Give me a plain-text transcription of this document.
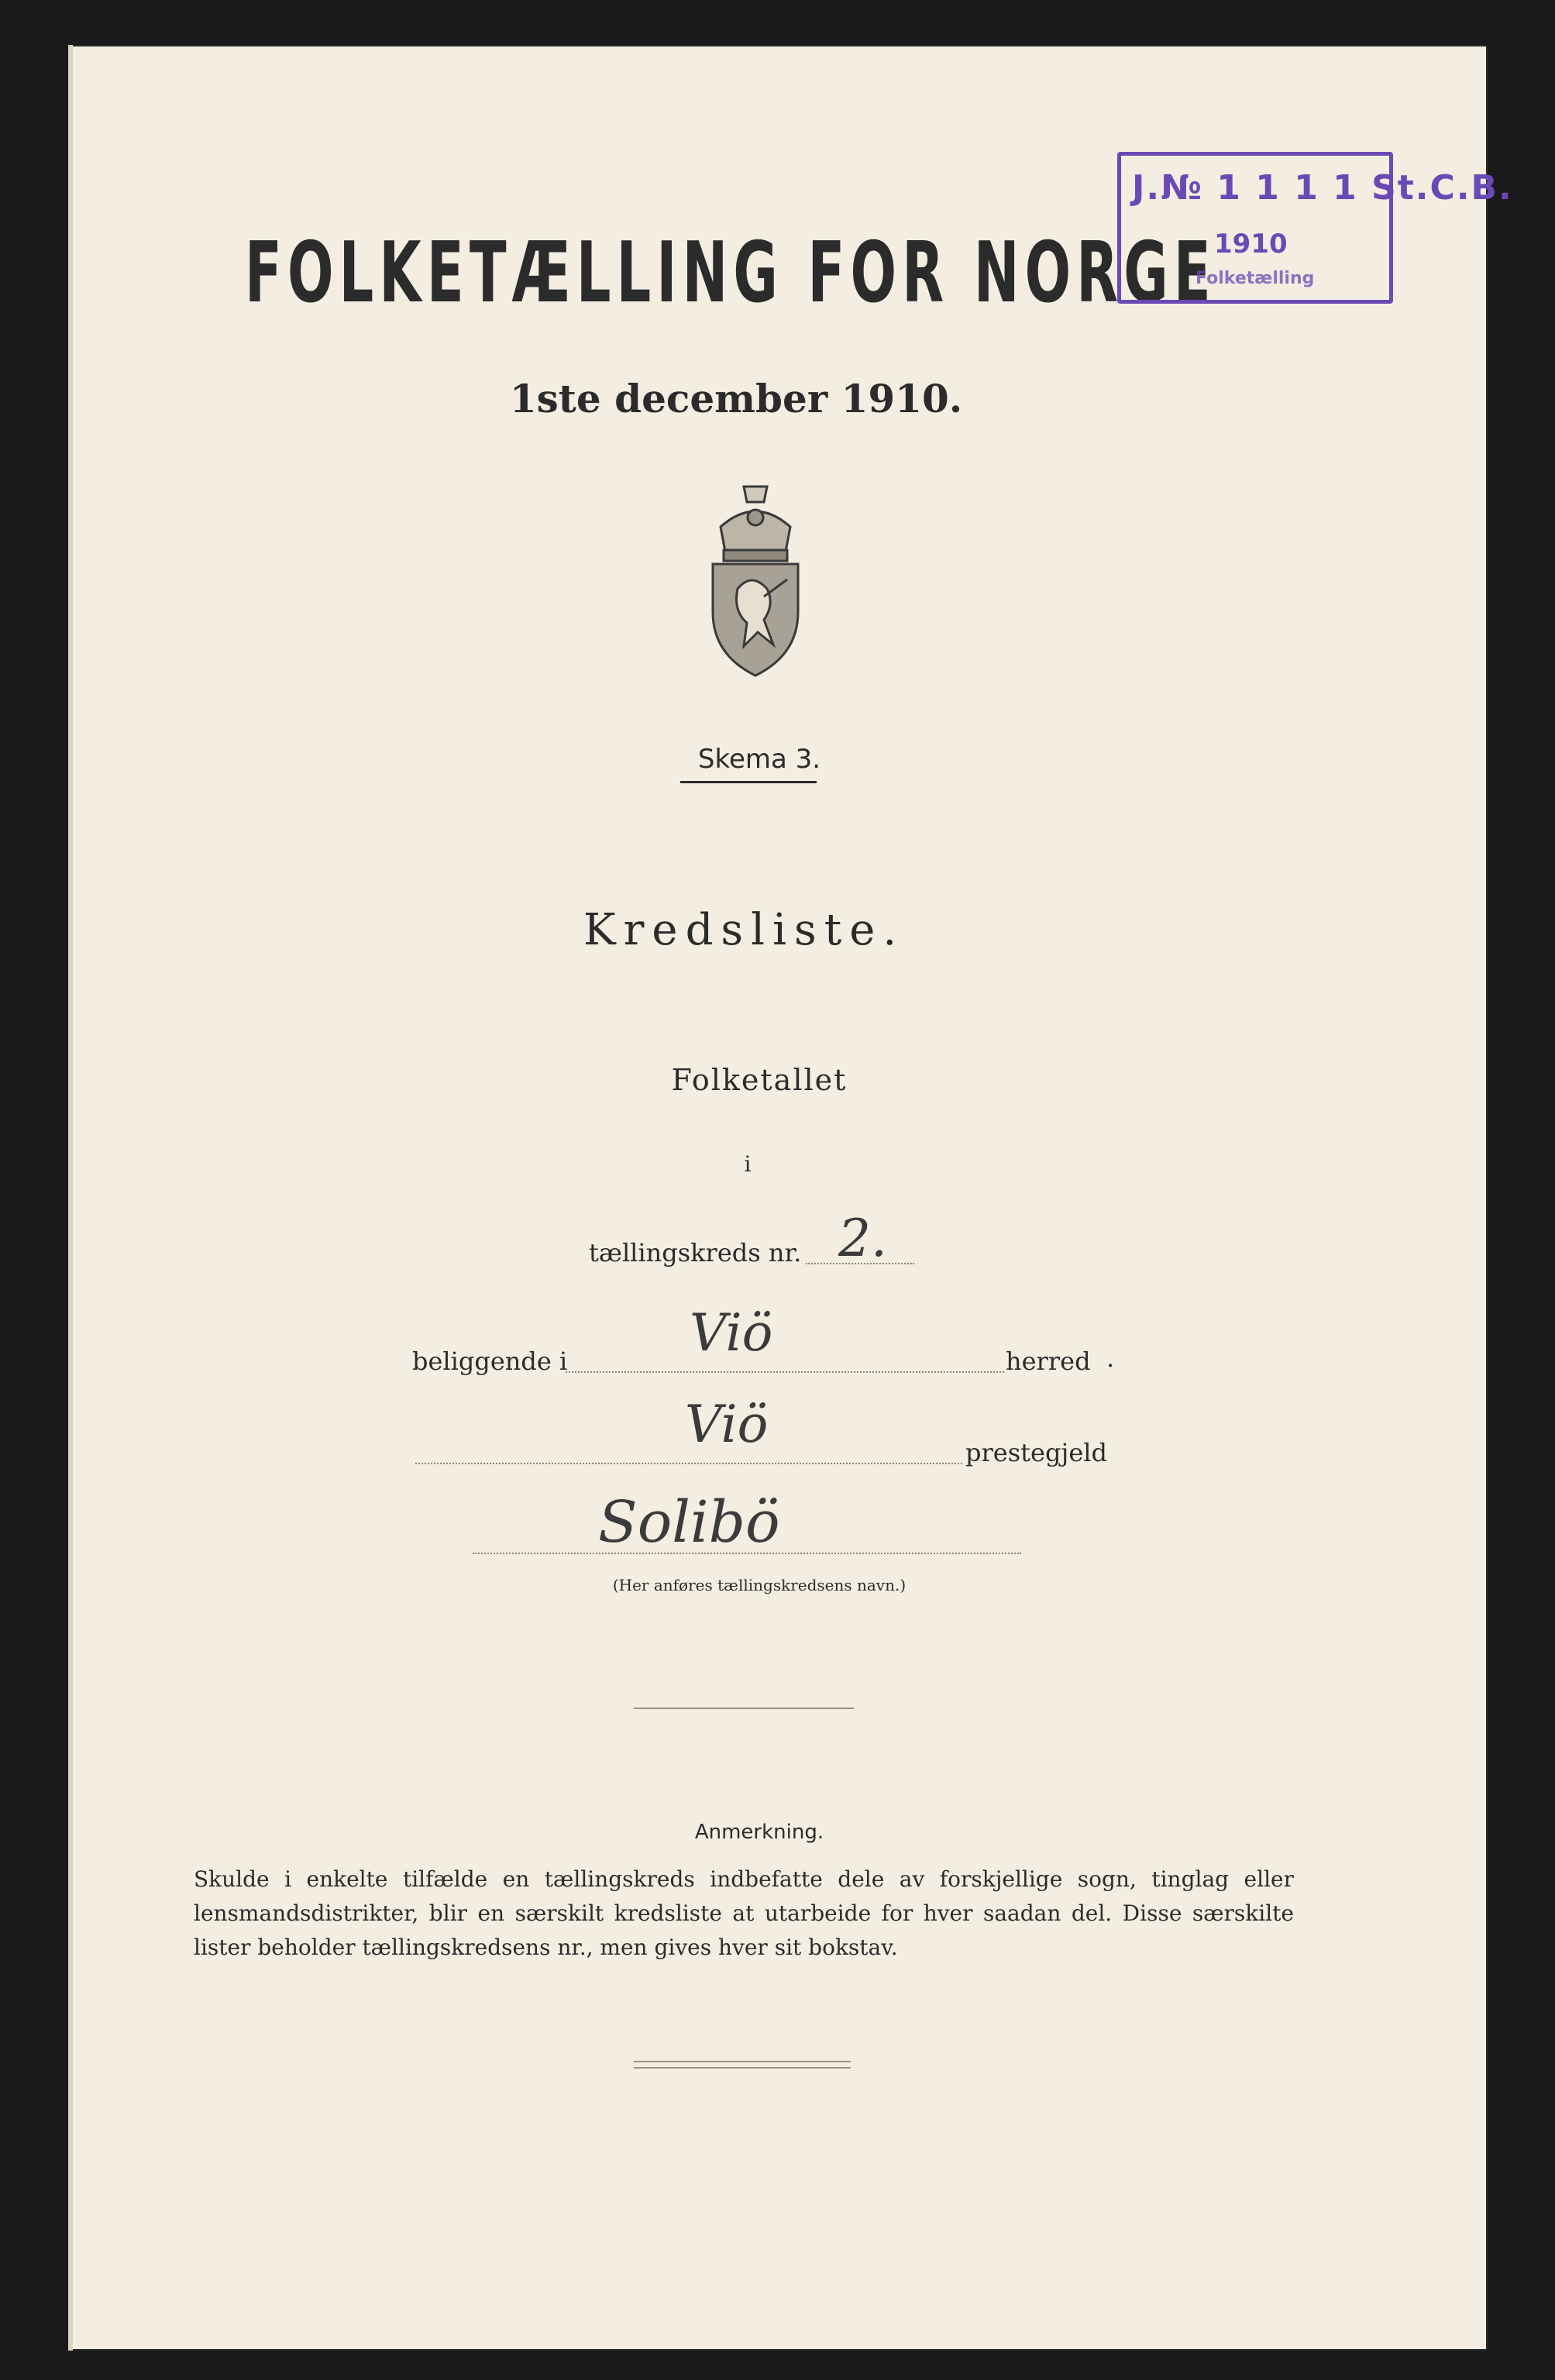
FOLKETÆLLING FOR NORGE
1ste december 1910.
J.№ 1 1 1 1 St.C.B.
1910
Folketælling
Skema 3.
Kredsliste.
Folketallet
i
tællingskreds nr. 2.
beliggende i Viö	herred .
Viö	prestegjeld
Solibö
(Her anføres tællingskredsens navn.)
Anmerkning.
Skulde i enkelte tilfælde en tællingskreds indbefatte dele av forskjellige sogn, tinglag eller lensmandsdistrikter, blir en særskilt kredsliste at utarbeide for hver saadan del. Disse særskilte lister beholder tællingskredsens nr., men gives hver sit bokstav.
